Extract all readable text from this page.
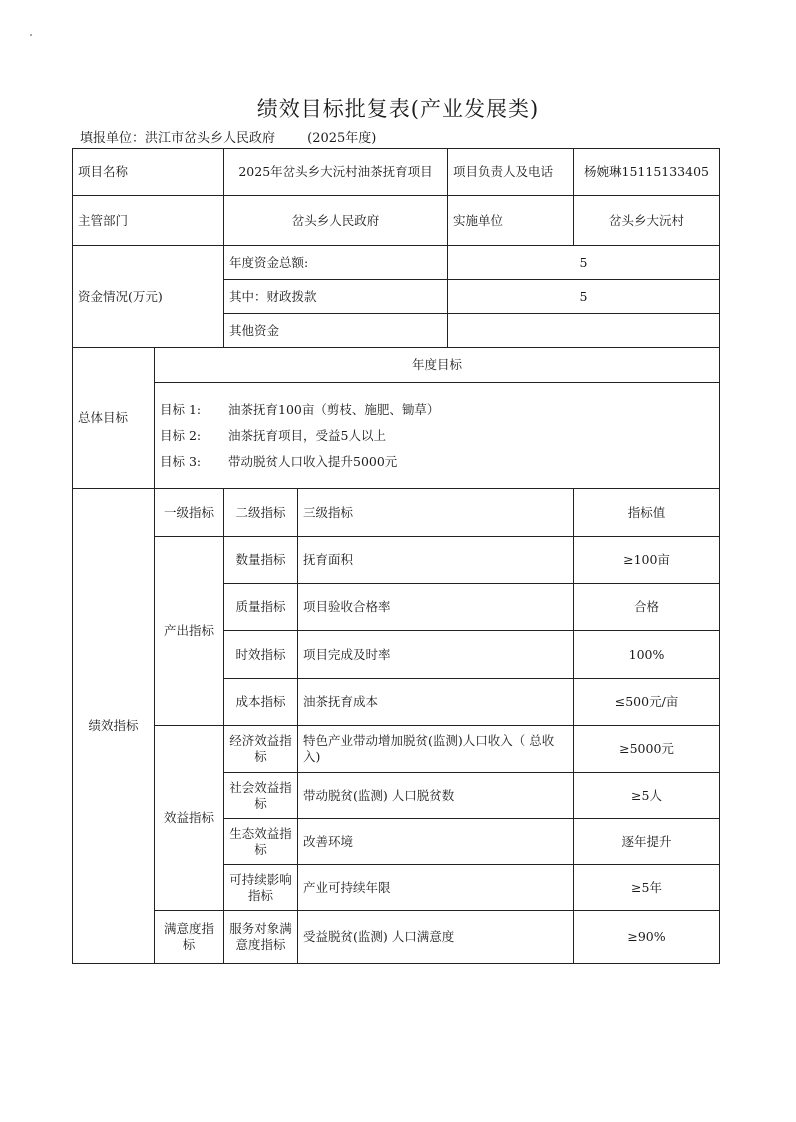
绩效目标批复表(产业发展类)
填报单位：洪江市岔头乡人民政府 (2025年度)
项目名称		2025年岔头乡大沅村油茶抚育项目		项目负责人及电话	杨婉琳15115133405
主管部门		岔头乡人民政府		实施单位	岔头乡大沅村
资金情况(万元)		年度资金总额:		5	
		其中：财政拨款		5	
		其他资金			
总体目标	年度目标				

	目标 1: 油茶抚育100亩（剪枝、施肥、锄草）
目标 2: 油茶抚育项目，受益5人以上
目标 3: 带动脱贫人口收入提升5000元				

绩效指标	一级指标	二级指标	三级指标		指标值
	产出指标	数量指标	抚育面积		≥100亩
		质量指标	项目验收合格率		合格
		时效指标	项目完成及时率		100%
		成本指标	油茶抚育成本		≤500元/亩
	效益指标	经济效益指标	特色产业带动增加脱贫(监测)人口收入（ 总收入)		≥5000元
		社会效益指标	带动脱贫(监测) 人口脱贫数		≥5人
		生态效益指标	改善环境		逐年提升
		可持续影响指标	产业可持续年限		≥5年
	满意度指标	服务对象满意度指标	受益脱贫(监测) 人口满意度		≥90%
